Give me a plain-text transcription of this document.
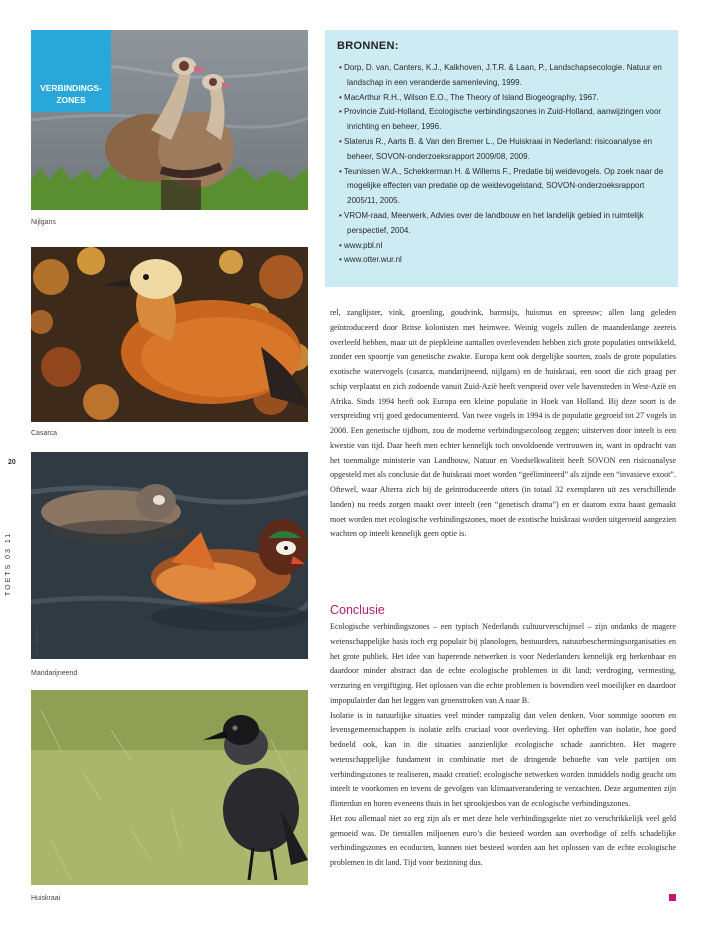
VERBINDINGS-
ZONES
Nijlgans
Casarca
20
TOETS 03 11
foto: xxxxxxxxxx
Mandarijneend
Huiskraai
BRONNEN:
• Dorp, D. van, Canters, K.J., Kalkhoven, J.T.R. & Laan, P., Landschapsecologie. Natuur en landschap in een veranderde samenleving, 1999.
• MacArthur R.H., Wilson E.O., The Theory of Island Biogeography, 1967.
• Provincie Zuid-Holland, Ecologische verbindingszones in Zuid-Holland, aanwijzingen voor inrichting en beheer, 1996.
• Slaterus R., Aarts B. & Van den Bremer L., De Huiskraai in Nederland: risicoanalyse en beheer, SOVON-onderzoeksrapport 2009/08, 2009.
• Teunissen W.A., Schekkerman H. & Willems F., Predatie bij weidevogels. Op zoek naar de mogelijke effecten van predatie op de weidevogelstand, SOVON-onderzoeksrapport 2005/11, 2005.
• VROM-raad, Meerwerk, Advies over de landbouw en het landelijk gebied in ruimtelijk perspectief, 2004.
• www.pbl.nl
• www.otter.wur.nl

rel, zanglijster, vink, groenling, goudvink, barmsijs, huismus en spreeuw; allen lang geleden geïntroduceerd door Britse kolonisten met heimwee. Weinig vogels zullen de maandenlange zeereis overleefd hebben, maar uit de piepkleine aantallen overlevenden hebben zich grote populaties ontwikkeld, zonder een spoortje van genetische zwakte. Europa kent ook dergelijke soorten, zoals de grote populaties exotische watervogels (casarca, mandarijneend, nijlgans) en de huiskraai, een soort die zich graag per schip verplaatst en zich zodoende vanuit Zuid-Azië heeft verspreid over vele havensteden in West-Azië en Afrika. Sinds 1994 heeft ook Europa een kleine populatie in Hoek van Holland. Bij deze soort is de verspreiding vrij goed gedocumenteerd. Van twee vogels in 1994 is de populatie gegroeid tot 27 vogels in 2008. Een genetische tijdbom, zou de moderne verbindingsecoloog zeggen; uitsterven door inteelt is een kwestie van tijd. Daar heeft men echter kennelijk toch onvoldoende vertrouwen in, want in opdracht van het toenmalige ministerie van Landbouw, Natuur en Voedselkwaliteit heeft SOVON een risicoanalyse opgesteld met als conclusie dat de huiskraai moet worden “geëlimineerd” als zijnde een “invasieve exoot”. Oftewel, waar Alterra zich bij de geïntroduceerde otters (in totaal 32 exemplaren uit zes verschillende landen) nu reeds zorgen maakt over inteelt (een “genetisch drama”) en er daarom extra haast gemaakt moet worden met ecologische verbindingszones, moet de exotische huiskraai worden uitgeroeid aangezien wachten op inteelt kennelijk geen optie is.

Conclusie

Ecologische verbindingszones – een typisch Nederlands cultuurverschijnsel – zijn ondanks de magere wetenschappelijke basis toch erg populair bij planologen, bestuurders, natuurbeschermingsorganisaties en het grote publiek. Het idee van haperende netwerken is voor Nederlanders kennelijk erg herkenbaar en daardoor minder abstract dan de echte ecologische problemen in dit land; verdroging, vermesting, verzuring en vergiftiging. Het oplossen van die echte problemen is bovendien veel moeilijker en daardoor impopulairder dan het leggen van groenstroken van A naar B.

Isolatie is in natuurlijke situaties veel minder rampzalig dan velen denken. Voor sommige soorten en levensgemeenschappen is isolatie zelfs cruciaal voor overleving. Het opheffen van isolatie, hoe goed bedoeld ook, kan in die situaties aanzienlijke ecologische schade aanrichten. Het magere wetenschappelijke fundament in combinatie met de dringende behoefte van vele partijen om verbindingszones te realiseren, maakt creatief: ecologische netwerken worden inmiddels nodig geacht om inteelt te voorkomen en tevens de gevolgen van klimaatverandering te verzachten. Deze argumenten zijn flinterdun en horen eveneens thuis in het sprookjesbos van de ecologische verbindingszones.

Het zou allemaal niet zo erg zijn als er met deze hele verbindingsgekte niet zo verschrikkelijk veel geld gemoeid was. De tientallen miljoenen euro’s die besteed worden aan overbodige of zelfs schadelijke verbindingszones en ecoducten, kunnen niet besteed worden aan het oplossen van de echte ecologische problemen in dit land. Tijd voor bezinning dus.
